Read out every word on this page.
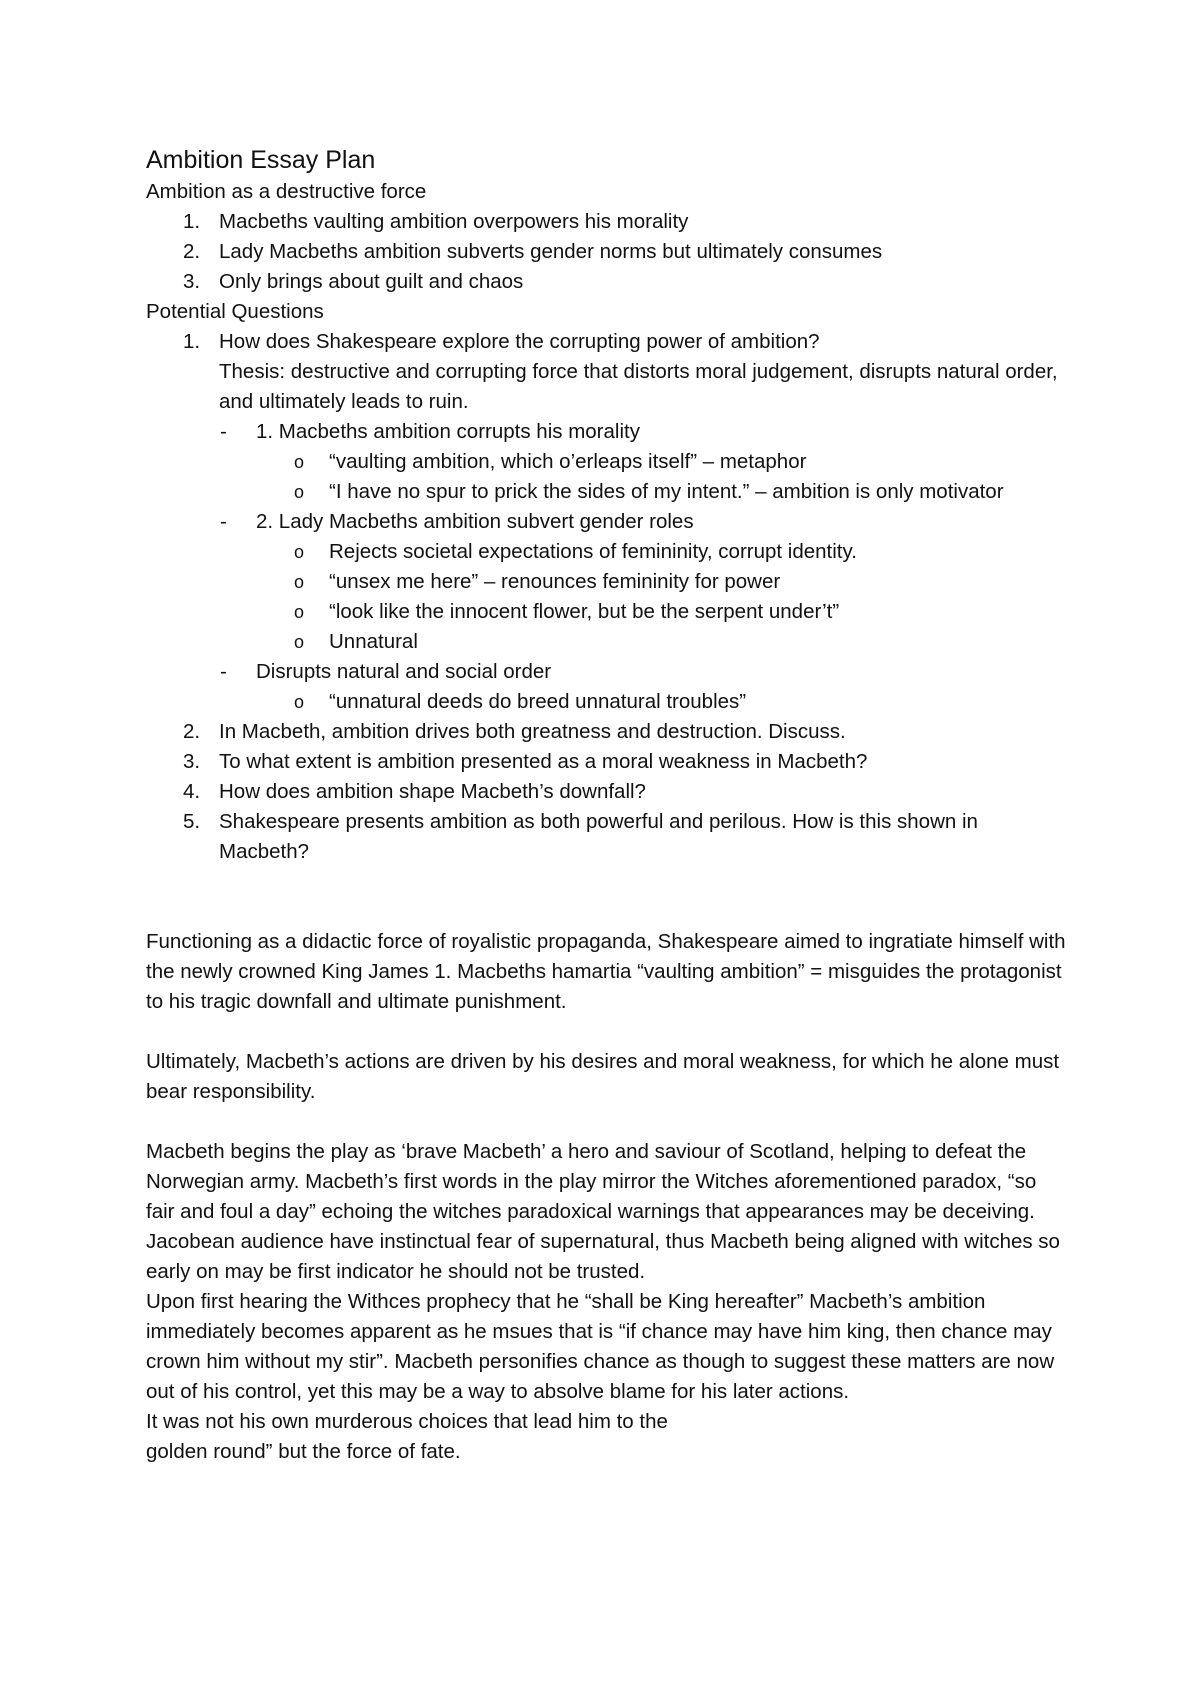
Ambition Essay Plan

Ambition as a destructive force

1. Macbeths vaulting ambition overpowers his morality
2. Lady Macbeths ambition subverts gender norms but ultimately consumes
3. Only brings about guilt and chaos

Potential Questions

1. How does Shakespeare explore the corrupting power of ambition?
Thesis: destructive and corrupting force that distorts moral judgement, disrupts natural order, and ultimately leads to ruin.
- 1. Macbeths ambition corrupts his morality
o “vaulting ambition, which o’erleaps itself” – metaphor
o “I have no spur to prick the sides of my intent.” – ambition is only motivator
- 2. Lady Macbeths ambition subvert gender roles
o Rejects societal expectations of femininity, corrupt identity.
o “unsex me here” – renounces femininity for power
o “look like the innocent flower, but be the serpent under’t”
o Unnatural
- Disrupts natural and social order
o “unnatural deeds do breed unnatural troubles”
2. In Macbeth, ambition drives both greatness and destruction. Discuss.
3. To what extent is ambition presented as a moral weakness in Macbeth?
4. How does ambition shape Macbeth’s downfall?
5. Shakespeare presents ambition as both powerful and perilous. How is this shown in Macbeth?

Functioning as a didactic force of royalistic propaganda, Shakespeare aimed to ingratiate himself with the newly crowned King James 1. Macbeths hamartia “vaulting ambition” = misguides the protagonist to his tragic downfall and ultimate punishment.

Ultimately, Macbeth’s actions are driven by his desires and moral weakness, for which he alone must bear responsibility.

Macbeth begins the play as ‘brave Macbeth’ a hero and saviour of Scotland, helping to defeat the Norwegian army. Macbeth’s first words in the play mirror the Witches aforementioned paradox, “so fair and foul a day” echoing the witches paradoxical warnings that appearances may be deceiving.

Jacobean audience have instinctual fear of supernatural, thus Macbeth being aligned with witches so early on may be first indicator he should not be trusted.

Upon first hearing the Withces prophecy that he “shall be King hereafter” Macbeth’s ambition immediately becomes apparent as he msues that is “if chance may have him king, then chance may crown him without my stir”. Macbeth personifies chance as though to suggest these matters are now out of his control, yet this may be a way to absolve blame for his later actions.

It was not his own murderous choices that lead him to the

golden round” but the force of fate.
